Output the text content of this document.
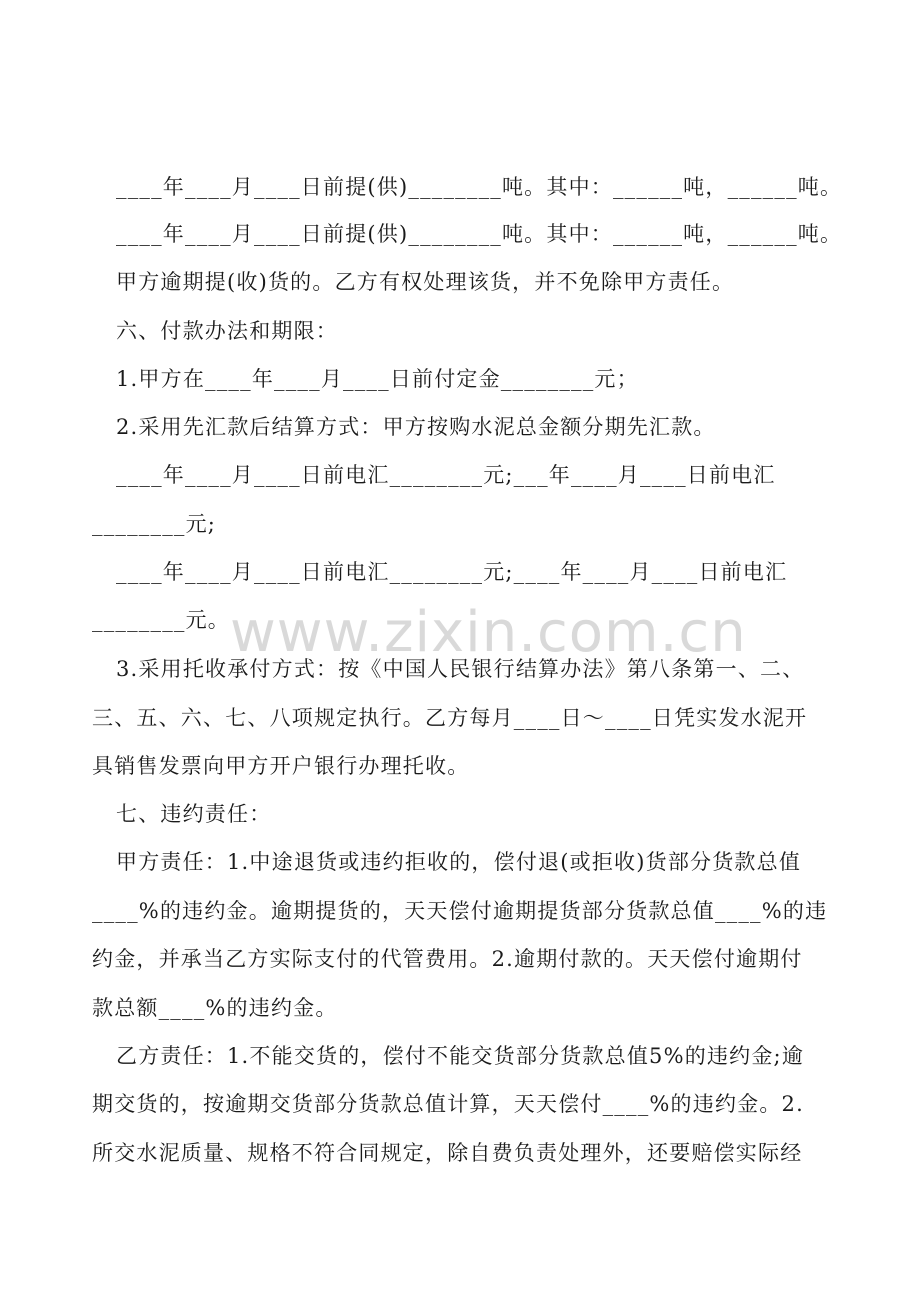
www.zixin.com.cn
____年____月____日前提(供)________吨。其中：______吨，______吨。
____年____月____日前提(供)________吨。其中：______吨，______吨。
甲方逾期提(收)货的。乙方有权处理该货，并不免除甲方责任。
六、付款办法和期限：
1.甲方在____年____月____日前付定金________元；
2.采用先汇款后结算方式：甲方按购水泥总金额分期先汇款。
____年____月____日前电汇________元;___年____月____日前电汇
________元;
____年____月____日前电汇________元;____年____月____日前电汇
________元。
3.采用托收承付方式：按《中国人民银行结算办法》第八条第一、二、
三、五、六、七、八项规定执行。乙方每月____日～____日凭实发水泥开
具销售发票向甲方开户银行办理托收。
七、违约责任：
甲方责任：1.中途退货或违约拒收的，偿付退(或拒收)货部分货款总值
____%的违约金。逾期提货的，天天偿付逾期提货部分货款总值____%的违
约金，并承当乙方实际支付的代管费用。2.逾期付款的。天天偿付逾期付
款总额____%的违约金。
乙方责任：1.不能交货的，偿付不能交货部分货款总值5%的违约金;逾
期交货的，按逾期交货部分货款总值计算，天天偿付____%的违约金。2.
所交水泥质量、规格不符合同规定，除自费负责处理外，还要赔偿实际经
